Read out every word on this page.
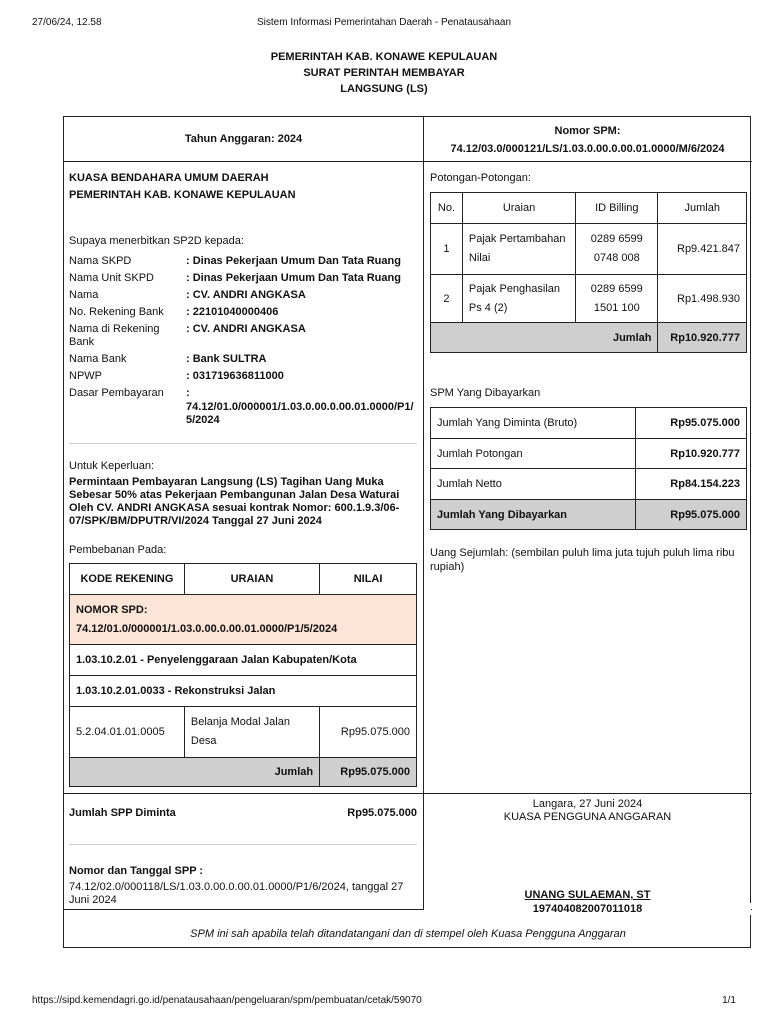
27/06/24, 12.58	Sistem Informasi Pemerintahan Daerah - Penatausahaan
PEMERINTAH KAB. KONAWE KEPULAUAN
SURAT PERINTAH MEMBAYAR
LANGSUNG (LS)
Tahun Anggaran: 2024
Nomor SPM:
74.12/03.0/000121/LS/1.03.0.00.0.00.01.0000/M/6/2024
KUASA BENDAHARA UMUM DAERAH
PEMERINTAH KAB. KONAWE KEPULAUAN
Supaya menerbitkan SP2D kepada:
Nama SKPD	: Dinas Pekerjaan Umum Dan Tata Ruang
Nama Unit SKPD	: Dinas Pekerjaan Umum Dan Tata Ruang
Nama	: CV. ANDRI ANGKASA
No. Rekening Bank	: 22101040000406
Nama di Rekening Bank
: CV. ANDRI ANGKASA
Nama Bank	: Bank SULTRA
NPWP	: 031719636811000
Dasar Pembayaran	:
74.12/01.0/000001/1.03.0.00.0.00.01.0000/P1/5/2024
Untuk Keperluan:
Permintaan Pembayaran Langsung (LS) Tagihan Uang Muka Sebesar 50% atas Pekerjaan Pembangunan Jalan Desa Waturai Oleh CV. ANDRI ANGKASA sesuai kontrak Nomor: 600.1.9.3/06-07/SPK/BM/DPUTR/VI/2024 Tanggal 27 Juni 2024
Pembebanan Pada:
KODE REKENING	URAIAN	NILAI

NOMOR SPD:
74.12/01.0/000001/1.03.0.00.0.00.01.0000/P1/5/2024		

1.03.10.2.01 - Penyelenggaraan Jalan Kabupaten/Kota		
1.03.10.2.01.0033 - Rekonstruksi Jalan		
5.2.04.01.01.0005	Belanja Modal Jalan Desa	Rp95.075.000
Jumlah		Rp95.075.000
Potongan-Potongan:
No.	Uraian	ID Billing	Jumlah
1	Pajak Pertambahan Nilai	0289 6599 0748 008	Rp9.421.847
2	Pajak Penghasilan Ps 4 (2)	0289 6599 1501 100	Rp1.498.930
Jumlah			Rp10.920.777
SPM Yang Dibayarkan
Jumlah Yang Diminta (Bruto)	Rp95.075.000
Jumlah Potongan	Rp10.920.777
Jumlah Netto	Rp84.154.223
Jumlah Yang Dibayarkan	Rp95.075.000
Uang Sejumlah: (sembilan puluh lima juta tujuh puluh lima ribu rupiah)
Jumlah SPP Diminta	Rp95.075.000
Nomor dan Tanggal SPP :
74.12/02.0/000118/LS/1.03.0.00.0.00.01.0000/P1/6/2024, tanggal 27 Juni 2024
Langara, 27 Juni 2024
KUASA PENGGUNA ANGGARAN
UNANG SULAEMAN, ST
197404082007011018
SPM ini sah apabila telah ditandatangani dan di stempel oleh Kuasa Pengguna Anggaran
https://sipd.kemendagri.go.id/penatausahaan/pengeluaran/spm/pembuatan/cetak/59070	1/1
